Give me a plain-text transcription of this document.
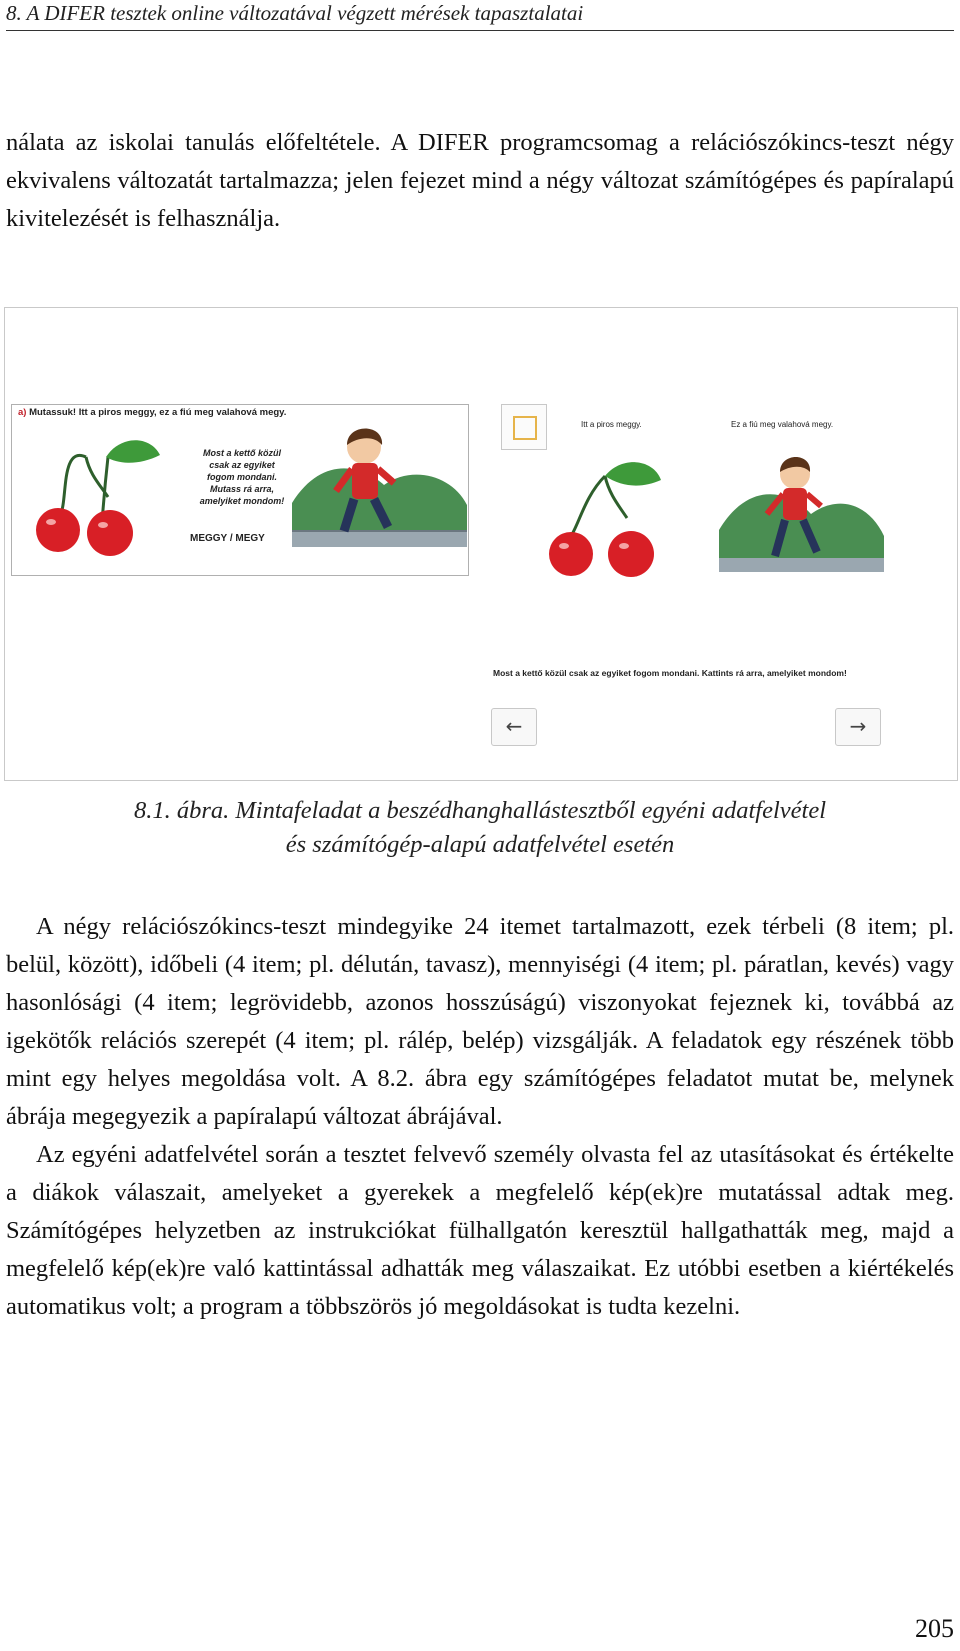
8. A DIFER tesztek online változatával végzett mérések tapasztalatai

nálata az iskolai tanulás előfeltétele. A DIFER programcsomag a relációszókincs-teszt négy ekvivalens változatát tartalmazza; jelen fejezet mind a négy változat számítógépes és papíralapú kivitelezését is felhasználja.

a) Mutassuk! Itt a piros meggy, ez a fiú meg valahová megy.
Most a kettő közül
csak az egyiket
fogom mondani.
Mutass rá arra,
amelyiket mondom!
MEGGY / MEGY
Itt a piros meggy.	Ez a fiú meg valahová megy.
Most a kettő közül csak az egyiket fogom mondani. Kattints rá arra, amelyiket mondom!
←	→
8.1. ábra. Mintafeladat a beszédhanghallástesztből egyéni adatfelvétel
és számítógép-alapú adatfelvétel esetén

A négy relációszókincs-teszt mindegyike 24 itemet tartalmazott, ezek térbeli (8 item; pl. belül, között), időbeli (4 item; pl. délután, tavasz), mennyiségi (4 item; pl. páratlan, kevés) vagy hasonlósági (4 item; legrövidebb, azonos hosszúságú) viszonyokat fejeznek ki, továbbá az igekötők relációs szerepét (4 item; pl. rálép, belép) vizsgálják. A feladatok egy részének több mint egy helyes megoldása volt. A 8.2. ábra egy számítógépes feladatot mutat be, melynek ábrája megegyezik a papíralapú változat ábrájával.

Az egyéni adatfelvétel során a tesztet felvevő személy olvasta fel az utasításokat és értékelte a diákok válaszait, amelyeket a gyerekek a megfelelő kép(ek)re mutatással adtak meg. Számítógépes helyzetben az instrukciókat fülhallgatón keresztül hallgathatták meg, majd a megfelelő kép(ek)re való kattintással adhatták meg válaszaikat. Ez utóbbi esetben a kiértékelés automatikus volt; a program a többszörös jó megoldásokat is tudta kezelni.

205
